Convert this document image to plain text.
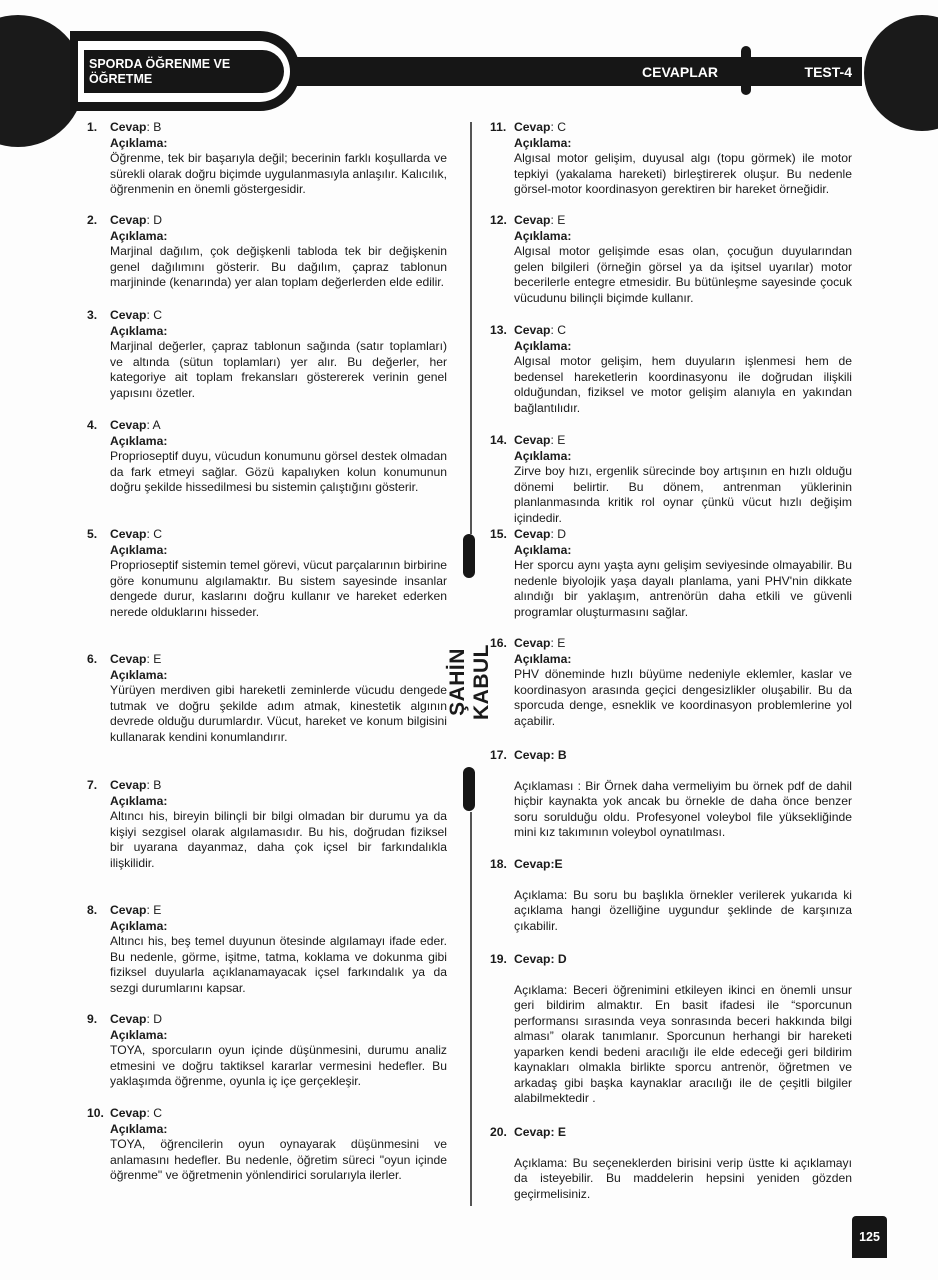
SPORDA ÖĞRENME VE
ÖĞRETME	CEVAPLAR	TEST-4
ŞAHİN KABUL
1. Cevap: B
Açıklama:
Öğrenme, tek bir başarıyla değil; becerinin farklı koşullarda ve sürekli olarak doğru biçimde uygulanmasıyla anlaşılır. Kalıcılık, öğrenmenin en önemli göstergesidir.
2. Cevap: D
Açıklama:
Marjinal dağılım, çok değişkenli tabloda tek bir değişkenin genel dağılımını gösterir. Bu dağılım, çapraz tablonun marjininde (kenarında) yer alan toplam değerlerden elde edilir.
3. Cevap: C
Açıklama:
Marjinal değerler, çapraz tablonun sağında (satır toplamları) ve altında (sütun toplamları) yer alır. Bu değerler, her kategoriye ait toplam frekansları göstererek verinin genel yapısını özetler.
4. Cevap: A
Açıklama:
Proprioseptif duyu, vücudun konumunu görsel destek olmadan da fark etmeyi sağlar. Gözü kapalıyken kolun konumunun doğru şekilde hissedilmesi bu sistemin çalıştığını gösterir.
5. Cevap: C
Açıklama:
Proprioseptif sistemin temel görevi, vücut parçalarının birbirine göre konumunu algılamaktır. Bu sistem sayesinde insanlar dengede durur, kaslarını doğru kullanır ve hareket ederken nerede olduklarını hisseder.
6. Cevap: E
Açıklama:
Yürüyen merdiven gibi hareketli zeminlerde vücudu dengede tutmak ve doğru şekilde adım atmak, kinestetik algının devrede olduğu durumlardır. Vücut, hareket ve konum bilgisini kullanarak kendini konumlandırır.
7. Cevap: B
Açıklama:
Altıncı his, bireyin bilinçli bir bilgi olmadan bir durumu ya da kişiyi sezgisel olarak algılamasıdır. Bu his, doğrudan fiziksel bir uyarana dayanmaz, daha çok içsel bir farkındalıkla ilişkilidir.
8. Cevap: E
Açıklama:
Altıncı his, beş temel duyunun ötesinde algılamayı ifade eder. Bu nedenle, görme, işitme, tatma, koklama ve dokunma gibi fiziksel duyularla açıklanamayacak içsel farkındalık ya da sezgi durumlarını kapsar.
9. Cevap: D
Açıklama:
TOYA, sporcuların oyun içinde düşünmesini, durumu analiz etmesini ve doğru taktiksel kararlar vermesini hedefler. Bu yaklaşımda öğrenme, oyunla iç içe gerçekleşir.
10. Cevap: C
Açıklama:
TOYA, öğrencilerin oyun oynayarak düşünmesini ve anlamasını hedefler. Bu nedenle, öğretim süreci "oyun içinde öğrenme" ve öğretmenin yönlendirici sorularıyla ilerler.
11. Cevap: C
Açıklama:
Algısal motor gelişim, duyusal algı (topu görmek) ile motor tepkiyi (yakalama hareketi) birleştirerek oluşur. Bu nedenle görsel-motor koordinasyon gerektiren bir hareket örneğidir.
12. Cevap: E
Açıklama:
Algısal motor gelişimde esas olan, çocuğun duyularından gelen bilgileri (örneğin görsel ya da işitsel uyarılar) motor becerilerle entegre etmesidir. Bu bütünleşme sayesinde çocuk vücudunu bilinçli biçimde kullanır.
13. Cevap: C
Açıklama:
Algısal motor gelişim, hem duyuların işlenmesi hem de bedensel hareketlerin koordinasyonu ile doğrudan ilişkili olduğundan, fiziksel ve motor gelişim alanıyla en yakından bağlantılıdır.
14. Cevap: E
Açıklama:
Zirve boy hızı, ergenlik sürecinde boy artışının en hızlı olduğu dönemi belirtir. Bu dönem, antrenman yüklerinin planlanmasında kritik rol oynar çünkü vücut hızlı değişim içindedir.
15. Cevap: D
Açıklama:
Her sporcu aynı yaşta aynı gelişim seviyesinde olmayabilir. Bu nedenle biyolojik yaşa dayalı planlama, yani PHV'nin dikkate alındığı bir yaklaşım, antrenörün daha etkili ve güvenli programlar oluşturmasını sağlar.
16. Cevap: E
Açıklama:
PHV döneminde hızlı büyüme nedeniyle eklemler, kaslar ve koordinasyon arasında geçici dengesizlikler oluşabilir. Bu da sporcuda denge, esneklik ve koordinasyon problemlerine yol açabilir.
17. Cevap: B
Açıklaması : Bir Örnek daha vermeliyim bu örnek pdf de dahil hiçbir kaynakta yok ancak bu örnekle de daha önce benzer soru sorulduğu oldu. Profesyonel voleybol file yüksekliğinde mini kız takımının voleybol oynatılması.
18. Cevap:E
Açıklama: Bu soru bu başlıkla örnekler verilerek yukarıda ki açıklama hangi özelliğine uygundur şeklinde de karşınıza çıkabilir.
19. Cevap: D
Açıklama: Beceri öğrenimini etkileyen ikinci en önemli unsur geri bildirim almaktır. En basit ifadesi ile “sporcunun performansı sırasında veya sonrasında beceri hakkında bilgi alması” olarak tanımlanır. Sporcunun herhangi bir hareketi yaparken kendi bedeni aracılığı ile elde edeceği geri bildirim kaynakları olmakla birlikte sporcu antrenör, öğretmen ve arkadaş gibi başka kaynaklar aracılığı ile de çeşitli bilgiler alabilmektedir .
20. Cevap: E
Açıklama: Bu seçeneklerden birisini verip üstte ki açıklamayı da isteyebilir. Bu maddelerin hepsini yeniden gözden geçirmelisiniz.
125
